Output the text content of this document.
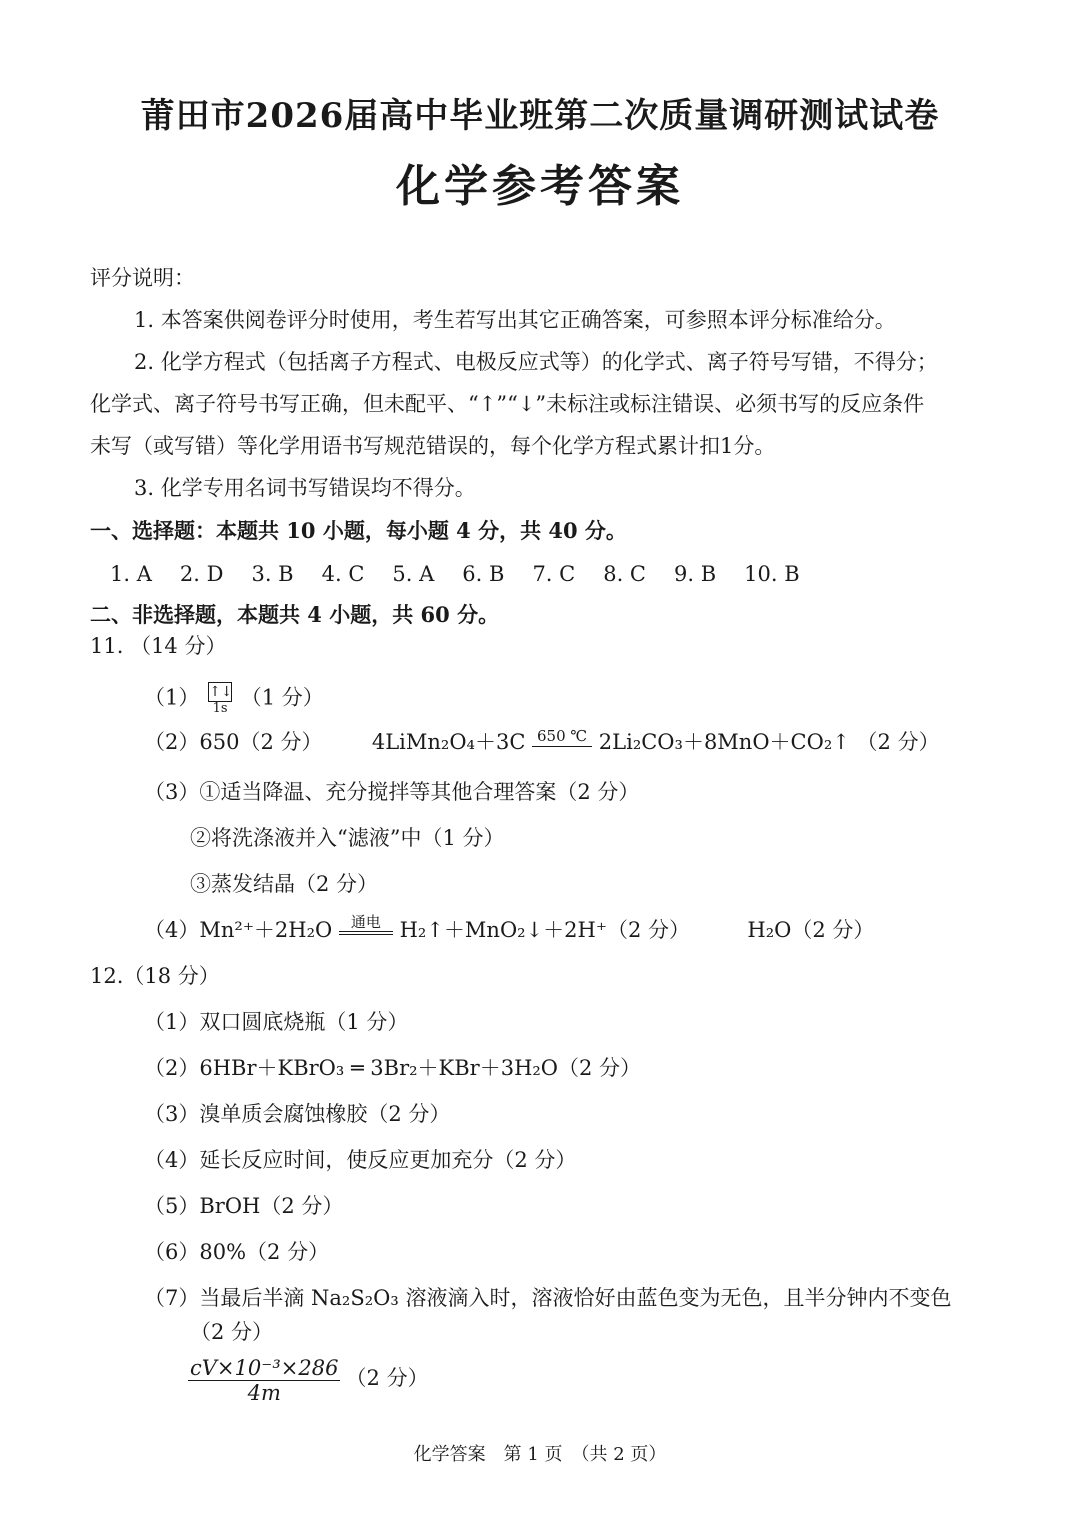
莆田市2026届高中毕业班第二次质量调研测试试卷
化学参考答案
评分说明：
1. 本答案供阅卷评分时使用，考生若写出其它正确答案，可参照本评分标准给分。
2. 化学方程式（包括离子方程式、电极反应式等）的化学式、离子符号写错，不得分；
化学式、离子符号书写正确，但未配平、“↑”“↓”未标注或标注错误、必须书写的反应条件
未写（或写错）等化学用语书写规范错误的，每个化学方程式累计扣1分。
3. 化学专用名词书写错误均不得分。
一、选择题：本题共 10 小题，每小题 4 分，共 40 分。
1. A 2. D 3. B 4. C 5. A 6. B 7. C 8. C 9. B 10. B
二、非选择题，本题共 4 小题，共 60 分。
11. （14 分）
（1） ↑↓
1s （1 分）
（2）650（2 分） 4LiMn₂O₄＋3C 650 ℃ 2Li₂CO₃＋8MnO＋CO₂↑ （2 分）
（3）①适当降温、充分搅拌等其他合理答案（2 分）
②将洗涤液并入“滤液”中（1 分）
③蒸发结晶（2 分）
（4）Mn²⁺＋2H₂O	通电 H₂↑＋MnO₂↓＋2H⁺（2 分）	H₂O（2 分）
12.（18 分）
（1）双口圆底烧瓶（1 分）
（2）6HBr＋KBrO₃ ═ 3Br₂＋KBr＋3H₂O（2 分）
（3）溴单质会腐蚀橡胶（2 分）
（4）延长反应时间，使反应更加充分（2 分）
（5）BrOH（2 分）
（6）80%（2 分）
（7）当最后半滴 Na₂S₂O₃ 溶液滴入时，溶液恰好由蓝色变为无色，且半分钟内不变色
（2 分）
$\frac{\text{cV×10⁻³×286}}{4m} (2$ 分）
化学答案　第 1 页　（共 2 页）
